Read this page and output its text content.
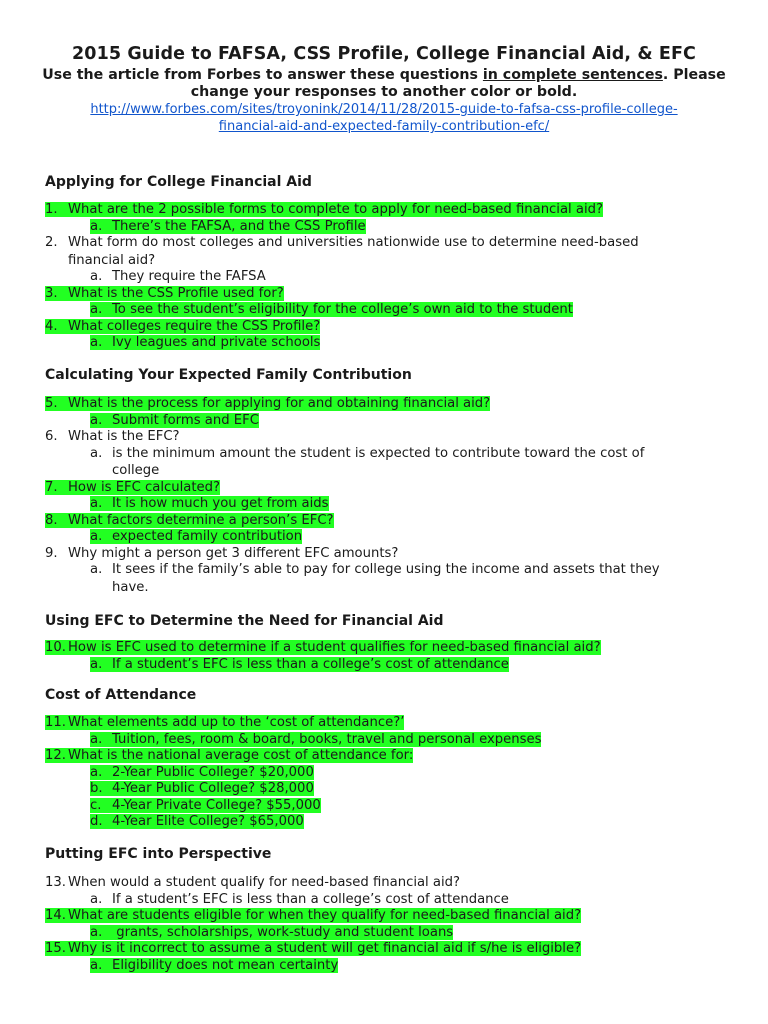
2015 Guide to FAFSA, CSS Profile, College Financial Aid, & EFC
Use the article from Forbes to answer these questions in complete sentences. Please
change your responses to another color or bold.
http://www.forbes.com/sites/troyonink/2014/11/28/2015-guide-to-fafsa-css-profile-college-
financial-aid-and-expected-family-contribution-efc/
Applying for College Financial Aid
1. What are the 2 possible forms to complete to apply for need-based financial aid?
a. There’s the FAFSA, and the CSS Profile
2. What form do most colleges and universities nationwide use to determine need-based
financial aid?
a. They require the FAFSA
3. What is the CSS Profile used for?
a. To see the student’s eligibility for the college’s own aid to the student
4. What colleges require the CSS Profile?
a. Ivy leagues and private schools
Calculating Your Expected Family Contribution
5. What is the process for applying for and obtaining financial aid?
a. Submit forms and EFC
6. What is the EFC?
a. is the minimum amount the student is expected to contribute toward the cost of
college
7. How is EFC calculated?
a. It is how much you get from aids
8. What factors determine a person’s EFC?
a. expected family contribution
9. Why might a person get 3 different EFC amounts?
a. It sees if the family’s able to pay for college using the income and assets that they
have.
Using EFC to Determine the Need for Financial Aid
10. How is EFC used to determine if a student qualifies for need-based financial aid?
a. If a student’s EFC is less than a college’s cost of attendance
Cost of Attendance
11. What elements add up to the ‘cost of attendance?’
a. Tuition, fees, room & board, books, travel and personal expenses
12. What is the national average cost of attendance for:
a. 2-Year Public College? $20,000
b. 4-Year Public College? $28,000
c. 4-Year Private College? $55,000
d. 4-Year Elite College? $65,000
Putting EFC into Perspective
13. When would a student qualify for need-based financial aid?
a. If a student’s EFC is less than a college’s cost of attendance
14. What are students eligible for when they qualify for need-based financial aid?
a. grants, scholarships, work-study and student loans
15. Why is it incorrect to assume a student will get financial aid if s/he is eligible?
a. Eligibility does not mean certainty
